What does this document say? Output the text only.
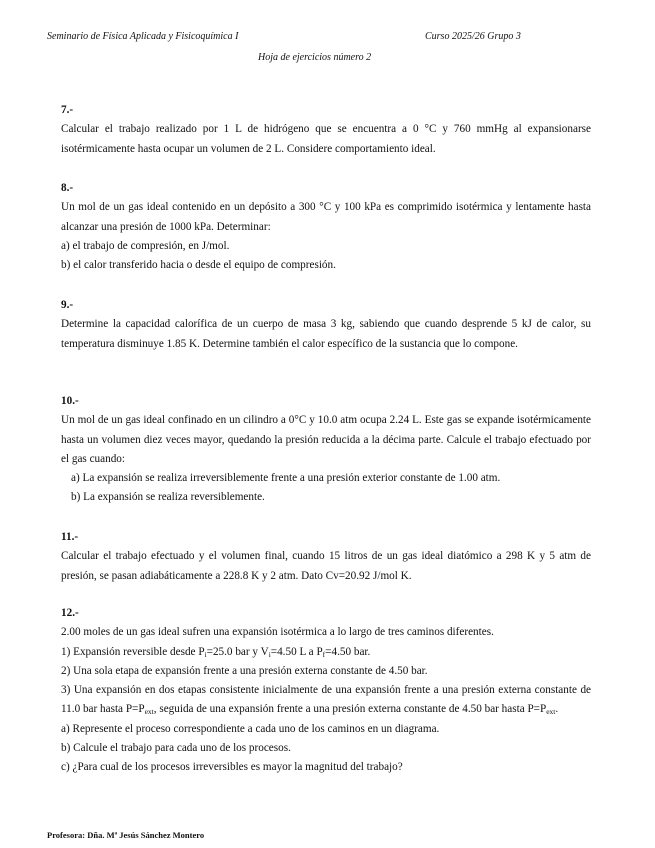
Seminario de Física Aplicada y Fisicoquímica I	Curso 2025/26 Grupo 3
Hoja de ejercicios número 2
7.-

Calcular el trabajo realizado por 1 L de hidrógeno que se encuentra a 0 °C y 760 mmHg al expansionarse isotérmicamente hasta ocupar un volumen de 2 L. Considere comportamiento ideal.

8.-

Un mol de un gas ideal contenido en un depósito a 300 °C y 100 kPa es comprimido isotérmica y lentamente hasta alcanzar una presión de 1000 kPa. Determinar:

a) el trabajo de compresión, en J/mol.
b) el calor transferido hacia o desde el equipo de compresión.
9.-

Determine la capacidad calorífica de un cuerpo de masa 3 kg, sabiendo que cuando desprende 5 kJ de calor, su temperatura disminuye 1.85 K. Determine también el calor específico de la sustancia que lo compone.

10.-

Un mol de un gas ideal confinado en un cilindro a 0°C y 10.0 atm ocupa 2.24 L. Este gas se expande isotérmicamente hasta un volumen diez veces mayor, quedando la presión reducida a la décima parte. Calcule el trabajo efectuado por el gas cuando:

a) La expansión se realiza irreversiblemente frente a una presión exterior constante de 1.00 atm.
b) La expansión se realiza reversiblemente.
11.-

Calcular el trabajo efectuado y el volumen final, cuando 15 litros de un gas ideal diatómico a 298 K y 5 atm de presión, se pasan adiabáticamente a 228.8 K y 2 atm. Dato Cv=20.92 J/mol K.

12.-

2.00 moles de un gas ideal sufren una expansión isotérmica a lo largo de tres caminos diferentes.

1) Expansión reversible desde $P_i=25.0$ bar y $V_i=4.50$ L a $P_f=4.50$ bar.

2) Una sola etapa de expansión frente a una presión externa constante de 4.50 bar.

3) Una expansión en dos etapas consistente inicialmente de una expansión frente a una presión externa constante de 11.0 bar hasta $P=P_{ext}$, seguida de una expansión frente a una presión externa constante de 4.50 bar hasta $P=P_{ext}$.

a) Represente el proceso correspondiente a cada uno de los caminos en un diagrama.
b) Calcule el trabajo para cada uno de los procesos.
c) ¿Para cual de los procesos irreversibles es mayor la magnitud del trabajo?
Profesora: Dña. Mª Jesús Sánchez Montero
